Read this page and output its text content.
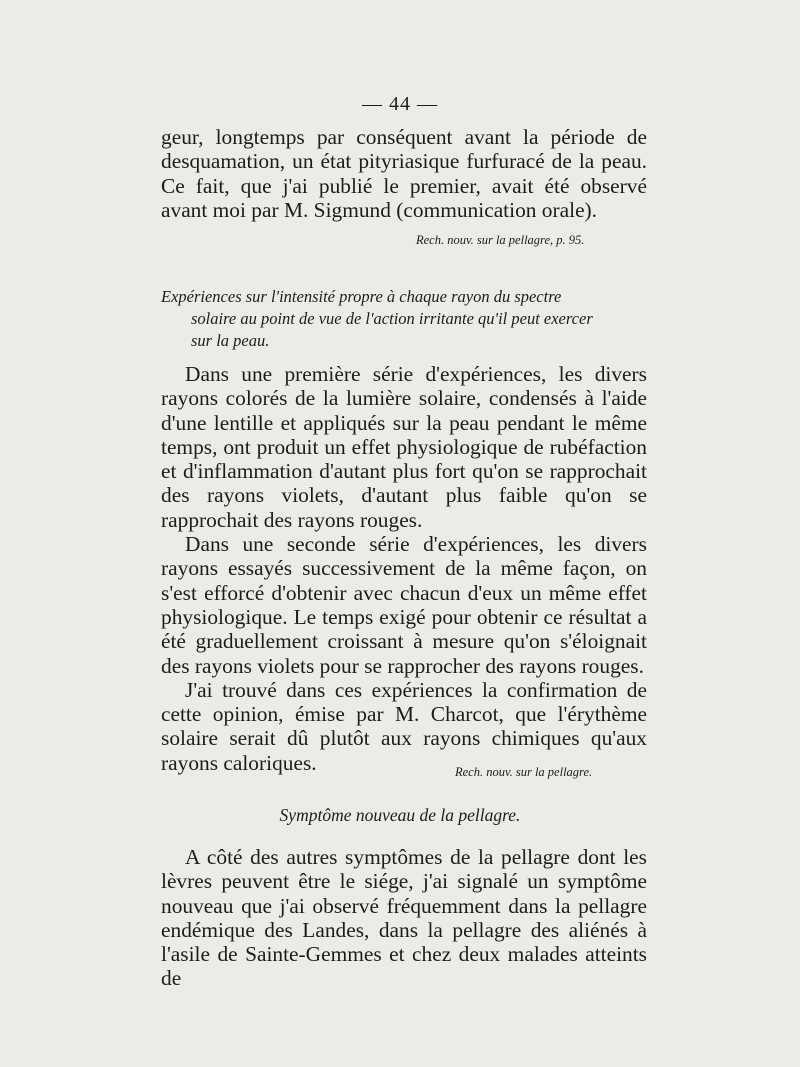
— 44 —

geur, longtemps par conséquent avant la période de desquamation, un état pityriasique furfuracé de la peau. Ce fait, que j'ai publié le premier, avait été observé avant moi par M. Sigmund (communication orale).

Rech. nouv. sur la pellagre, p. 95.
Expériences sur l'intensité propre à chaque rayon du spectre
solaire au point de vue de l'action irritante qu'il peut exercer
sur la peau.

Dans une première série d'expériences, les divers rayons colorés de la lumière solaire, condensés à l'aide d'une lentille et appliqués sur la peau pendant le même temps, ont produit un effet physiologique de rubéfaction et d'inflammation d'autant plus fort qu'on se rapprochait des rayons violets, d'autant plus faible qu'on se rapprochait des rayons rouges.

Dans une seconde série d'expériences, les divers rayons essayés successivement de la même façon, on s'est efforcé d'obtenir avec chacun d'eux un même effet physiologique. Le temps exigé pour obtenir ce résultat a été graduellement croissant à mesure qu'on s'éloignait des rayons violets pour se rapprocher des rayons rouges.

J'ai trouvé dans ces expériences la confirmation de cette opinion, émise par M. Charcot, que l'érythème solaire serait dû plutôt aux rayons chimiques qu'aux rayons caloriques.	Rech. nouv. sur la pellagre.
Symptôme nouveau de la pellagre.

A côté des autres symptômes de la pellagre dont les lèvres peuvent être le siége, j'ai signalé un symptôme nouveau que j'ai observé fréquemment dans la pellagre endémique des Landes, dans la pellagre des aliénés à l'asile de Sainte-Gemmes et chez deux malades atteints de
